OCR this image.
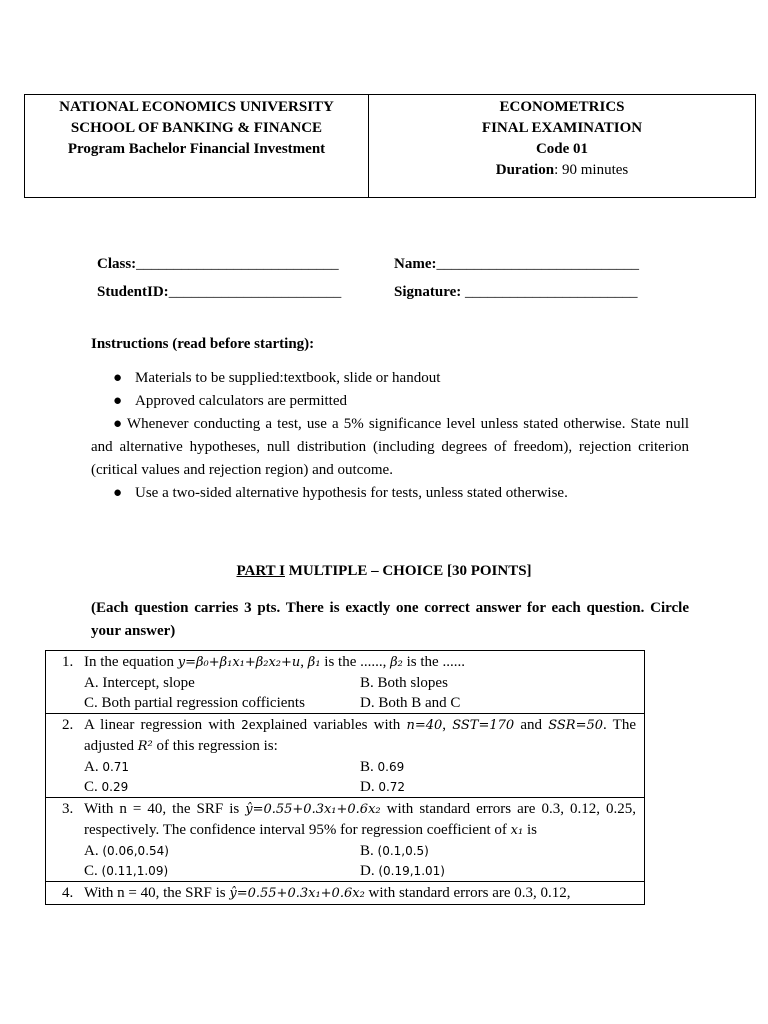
NATIONAL ECONOMICS UNIVERSITY
SCHOOL OF BANKING & FINANCE
Program Bachelor Financial Investment
ECONOMETRICS
FINAL EXAMINATION
Code 01
Duration: 90 minutes
Class:___________________________	Name:___________________________
StudentID:_______________________	Signature: _______________________
Instructions (read before starting):
● Materials to be supplied:textbook, slide or handout
● Approved calculators are permitted
● Whenever conducting a test, use a 5% significance level unless stated otherwise. State null and alternative hypotheses, null distribution (including degrees of freedom), rejection criterion (critical values and rejection region) and outcome.
● Use a two-sided alternative hypothesis for tests, unless stated otherwise.
PART I MULTIPLE – CHOICE [30 POINTS]
(Each question carries 3 pts. There is exactly one correct answer for each question. Circle your answer)
1. In the equation y=β₀+β₁x₁+β₂x₂+u, β₁ is the ......, β₂ is the ......
A. Intercept, slope	B. Both slopes
C. Both partial regression cofficients	D. Both B and C
2. A linear regression with 2explained variables with n=40, SST=170 and SSR=50. The adjusted R² of this regression is:
A. 0.71	B. 0.69
C. 0.29	D. 0.72
3. With n = 40, the SRF is ŷ=0.55+0.3x₁+0.6x₂ with standard errors are 0.3, 0.12, 0.25, respectively. The confidence interval 95% for regression coefficient of x₁ is
A. (0.06,0.54)	B. (0.1,0.5)
C. (0.11,1.09)	D. (0.19,1.01)
4. With n = 40, the SRF is ŷ=0.55+0.3x₁+0.6x₂ with standard errors are 0.3, 0.12,
